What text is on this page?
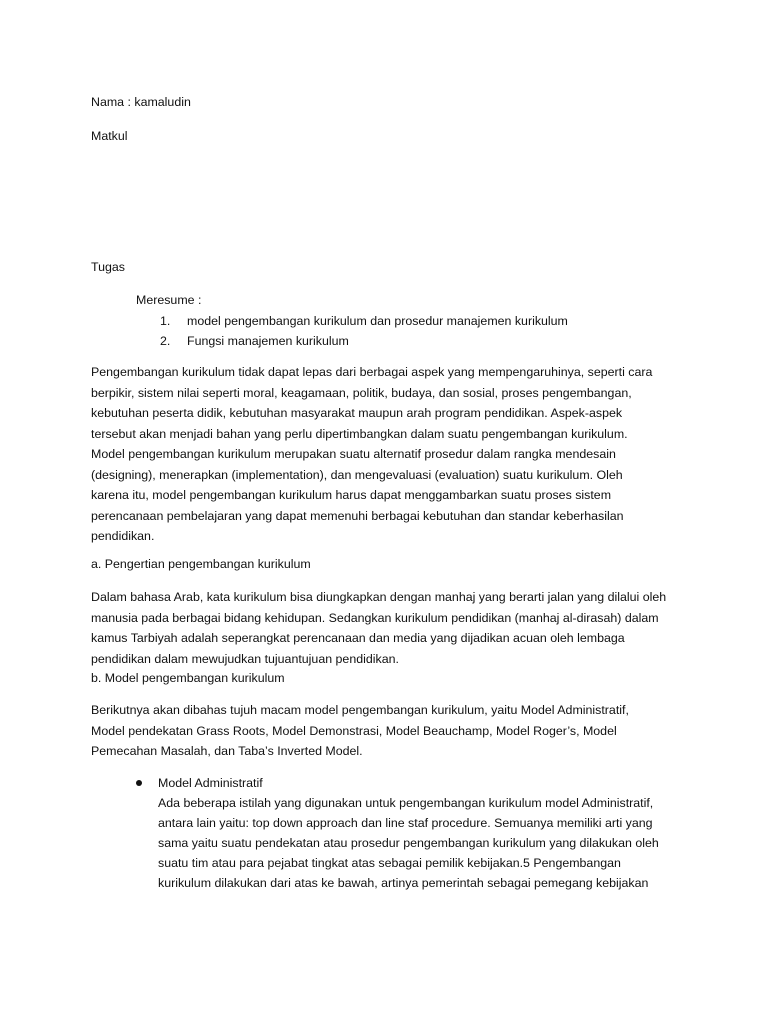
Nama : kamaludin
Matkul
Tugas
Meresume :
1. model pengembangan kurikulum dan prosedur manajemen kurikulum
2. Fungsi manajemen kurikulum
Pengembangan kurikulum tidak dapat lepas dari berbagai aspek yang mempengaruhinya, seperti cara
berpikir, sistem nilai seperti moral, keagamaan, politik, budaya, dan sosial, proses pengembangan,
kebutuhan peserta didik, kebutuhan masyarakat maupun arah program pendidikan. Aspek-aspek
tersebut akan menjadi bahan yang perlu dipertimbangkan dalam suatu pengembangan kurikulum.
Model pengembangan kurikulum merupakan suatu alternatif prosedur dalam rangka mendesain
(designing), menerapkan (implementation), dan mengevaluasi (evaluation) suatu kurikulum. Oleh
karena itu, model pengembangan kurikulum harus dapat menggambarkan suatu proses sistem
perencanaan pembelajaran yang dapat memenuhi berbagai kebutuhan dan standar keberhasilan
pendidikan.
a. Pengertian pengembangan kurikulum
Dalam bahasa Arab, kata kurikulum bisa diungkapkan dengan manhaj yang berarti jalan yang dilalui oleh
manusia pada berbagai bidang kehidupan. Sedangkan kurikulum pendidikan (manhaj al-dirasah) dalam
kamus Tarbiyah adalah seperangkat perencanaan dan media yang dijadikan acuan oleh lembaga
pendidikan dalam mewujudkan tujuantujuan pendidikan.
b. Model pengembangan kurikulum
Berikutnya akan dibahas tujuh macam model pengembangan kurikulum, yaitu Model Administratif,
Model pendekatan Grass Roots, Model Demonstrasi, Model Beauchamp, Model Roger’s, Model
Pemecahan Masalah, dan Taba’s Inverted Model.
Model Administratif
Ada beberapa istilah yang digunakan untuk pengembangan kurikulum model Administratif,
antara lain yaitu: top down approach dan line staf procedure. Semuanya memiliki arti yang
sama yaitu suatu pendekatan atau prosedur pengembangan kurikulum yang dilakukan oleh
suatu tim atau para pejabat tingkat atas sebagai pemilik kebijakan.5 Pengembangan
kurikulum dilakukan dari atas ke bawah, artinya pemerintah sebagai pemegang kebijakan
